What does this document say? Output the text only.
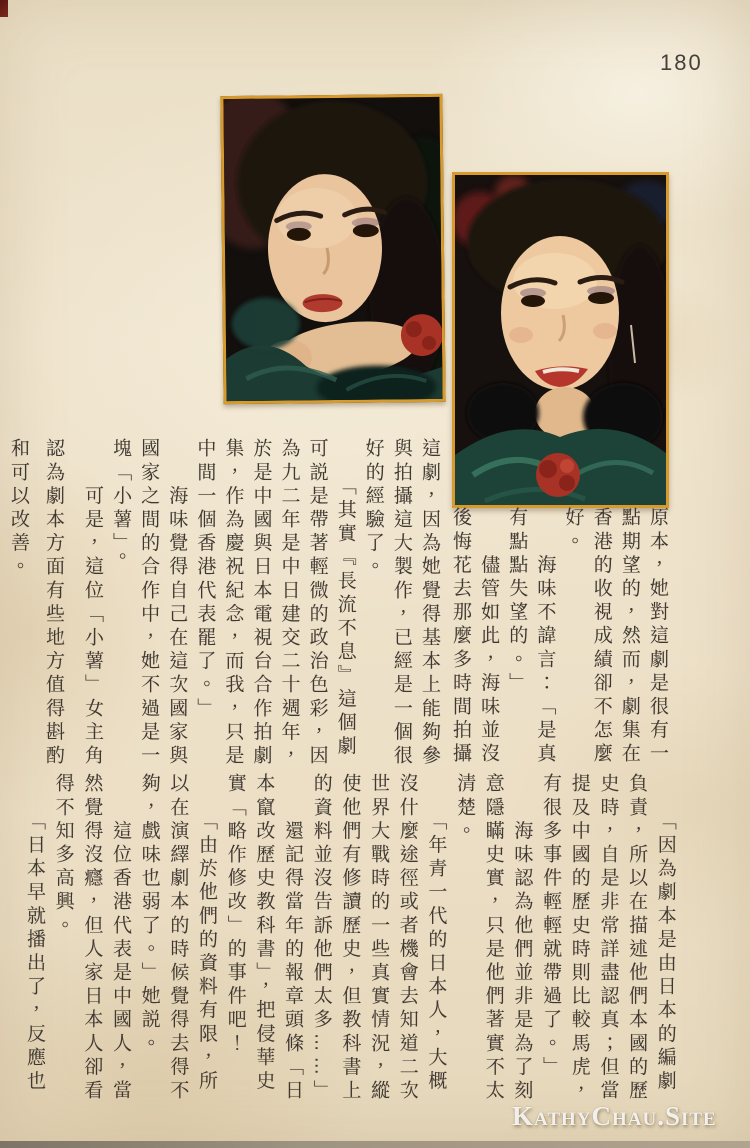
180
原本，她對這劇是很有一
點期望的，然而，劇集在
香港的收視成績卻不怎麼
好。
　　海味不諱言：「是真
有點點失望的。」
　　儘管如此，海味並沒
後悔花去那麼多時間拍攝
這劇，因為她覺得基本上能夠參
與拍攝這大製作，已經是一個很
好的經驗了。
　　「其實『長流不息』這個劇
可説是帶著輕微的政治色彩，因
為九二年是中日建交二十週年，
於是中國與日本電視台合作拍劇
集，作為慶祝紀念，而我，只是
中間一個香港代表罷了。」
　　海味覺得自己在這次國家與
國家之間的合作中，她不過是一
塊「小薯」。
　　可是，這位「小薯」女主角
認為劇本方面有些地方值得斟酌
和可以改善。
　　「因為劇本是由日本的編劇
負責，所以在描述他們本國的歷
史時，自是非常詳盡認真；但當
提及中國的歷史時則比較馬虎，
有很多事件輕輕就帶過了。」
　　海味認為他們並非是為了刻
意隱瞞史實，只是他們著實不太
清楚。
　　「年青一代的日本人，大概
沒什麼途徑或者機會去知道二次
世界大戰時的一些真實情況，縱
使他們有修讀歷史，但教科書上
的資料並沒告訴他們太多……」
　　還記得當年的報章頭條「日
本竄改歷史教科書」，把侵華史
實「略作修改」的事件吧！
　　「由於他們的資料有限，所
以在演繹劇本的時候覺得去得不
夠，戲味也弱了。」她説。
　　這位香港代表是中國人，當
然覺得沒癮，但人家日本人卻看
得不知多高興。
　　「日本早就播出了，反應也
KathyChau.Site
